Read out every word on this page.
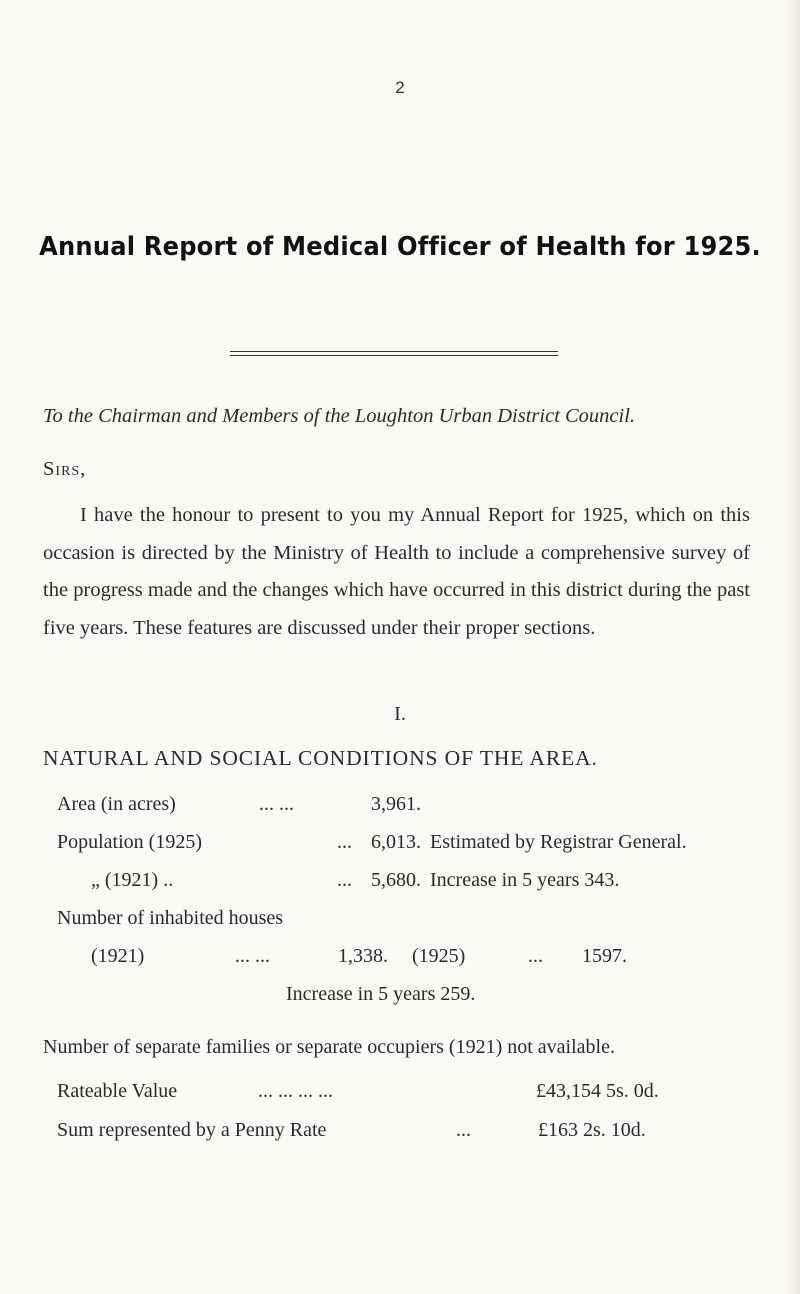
2
Annual Report of Medical Officer of Health for 1925.
To the Chairman and Members of the Loughton Urban District Council.
Sirs,
I have the honour to present to you my Annual Report for 1925, which on this occasion is directed by the Ministry of Health to include a comprehensive survey of the progress made and the changes which have occurred in this district during the past five years. These features are discussed under their proper sections.
I.
NATURAL AND SOCIAL CONDITIONS OF THE AREA.
Area (in acres)	... ...	3,961.
Population (1925)	... 6,013. Estimated by Registrar General.
„ (1921) ..	... 5,680. Increase in 5 years 343.
Number of inhabited houses
(1921)	... ...	1,338. (1925)	... 1597.
Increase in 5 years 259.
Number of separate families or separate occupiers (1921) not available.
Rateable Value	... ... ... ...	£43,154 5s. 0d.
Sum represented by a Penny Rate	...	£163 2s. 10d.
